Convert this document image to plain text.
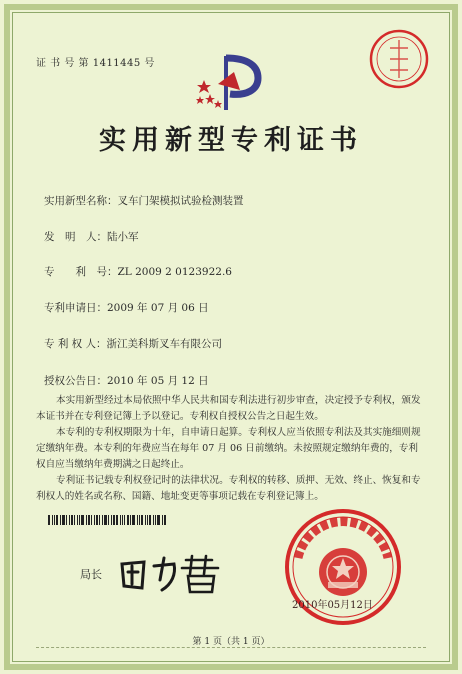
证 书 号 第 1411445 号
实用新型专利证书
实用新型名称：叉车门架模拟试验检测装置
发　明　人：陆小军
专　　利　号：ZL 2009 2 0123922.6
专利申请日：2009 年 07 月 06 日
专 利 权 人：浙江美科斯叉车有限公司
授权公告日：2010 年 05 月 12 日

本实用新型经过本局依照中华人民共和国专利法进行初步审查，决定授予专利权，颁发本证书并在专利登记簿上予以登记。专利权自授权公告之日起生效。

本专利的专利权期限为十年，自申请日起算。专利权人应当依照专利法及其实施细则规定缴纳年费。本专利的年费应当在每年 07 月 06 日前缴纳。未按照规定缴纳年费的，专利权自应当缴纳年费期满之日起终止。

专利证书记载专利权登记时的法律状况。专利权的转移、质押、无效、终止、恢复和专利权人的姓名或名称、国籍、地址变更等事项记载在专利登记簿上。

局长
2010年05月12日
第 1 页（共 1 页）
